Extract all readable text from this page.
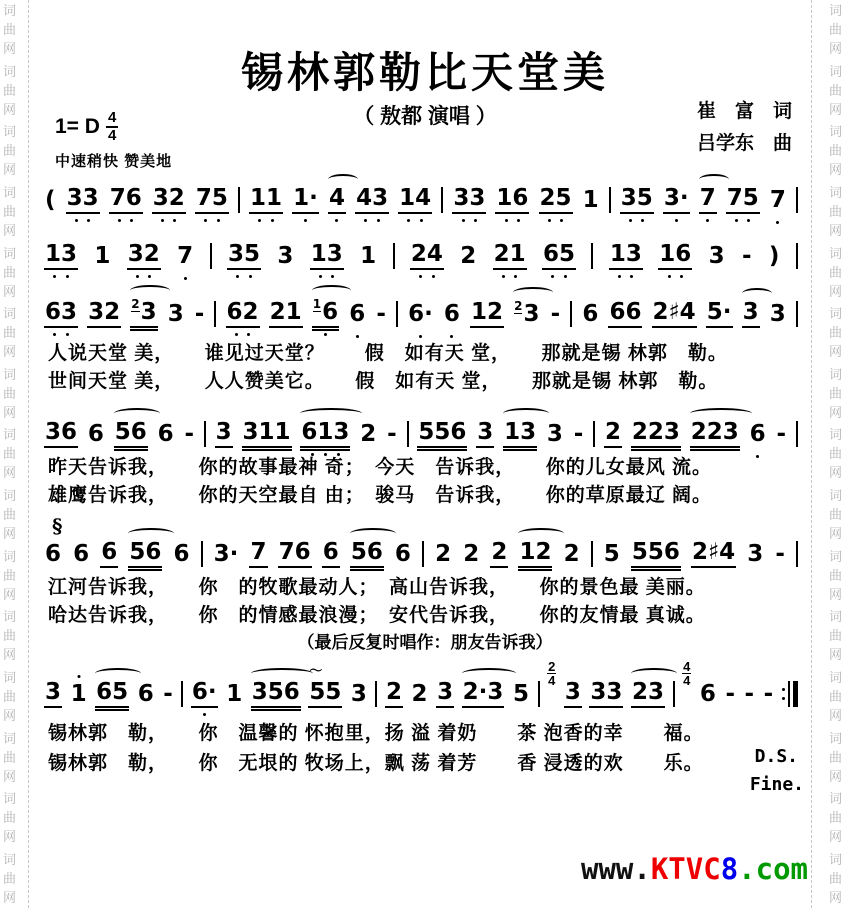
词
曲
网
词
曲
网
词
曲
网
词
曲
网
词
曲
网
词
曲
网
词
曲
网
词
曲
网
词
曲
网
词
曲
网
词
曲
网
词
曲
网
词
曲
网
词
曲
网
词
曲
网
词
曲
网
词
曲
网
词
曲
网
词
曲
网
词
曲
网
词
曲
网
词
曲
网
词
曲
网
词
曲
网
词
曲
网
词
曲
网
词
曲
网
词
曲
网
词
曲
网
词
曲
网
锡林郭勒比天堂美
（ 敖都 演唱 ）	崔　富　词
吕学东　曲
1= D $\frac{4}{4}$
中速稍快 赞美地
( 33 76 32 75 11 1· 4 43 14 33 16 25 1 35 3· 7 75 7
13 1 32 7 35 3 13 1 24 2 21 65 13 16 3 - )
63 32 $^2$3 3 - 62 21 $^1$6 6 - 6· 6 12 $^2$3 - 6 66 2♯4 5· 3 3
36 6 56 6 - 3 311 613 2 - 556 3 13 3 - 2 223 223 6 -
6 6 6 56 6 3· 7 76 6 56 6 2 2 2 12 2 5 556 2♯4 3 -
3 1 65 6 - 6· 1 356 55
〜
3 2 2 3 2·3 5
2
4 3 33 23
4
4
6 - - -
§
人说天堂 美，　　谁见过天堂？　　假　如有天 堂，　　那就是锡 林郭　勒。
世间天堂 美，　　人人赞美它。　　假　如有天 堂，　　那就是锡 林郭　勒。
昨天告诉我，　　你的故事最神 奇；　今天　告诉我，　　你的儿女最风 流。
雄鹰告诉我，　　你的天空最自 由；　骏马　告诉我，　　你的草原最辽 阔。
江河告诉我，　　你　的牧歌最动人；　高山告诉我，　　你的景色最 美丽。
哈达告诉我，　　你　的情感最浪漫；　安代告诉我，　　你的友情最 真诚。
（最后反复时唱作：朋友告诉我）
锡林郭　勒，　　你　温馨的 怀抱里，扬 溢 着奶　　茶 泡香的幸　　福。
锡林郭　勒，　　你　无垠的 牧场上，飘 荡 着芳　　香 浸透的欢　　乐。	D.S.
Fine.
www.KTVC8.com
